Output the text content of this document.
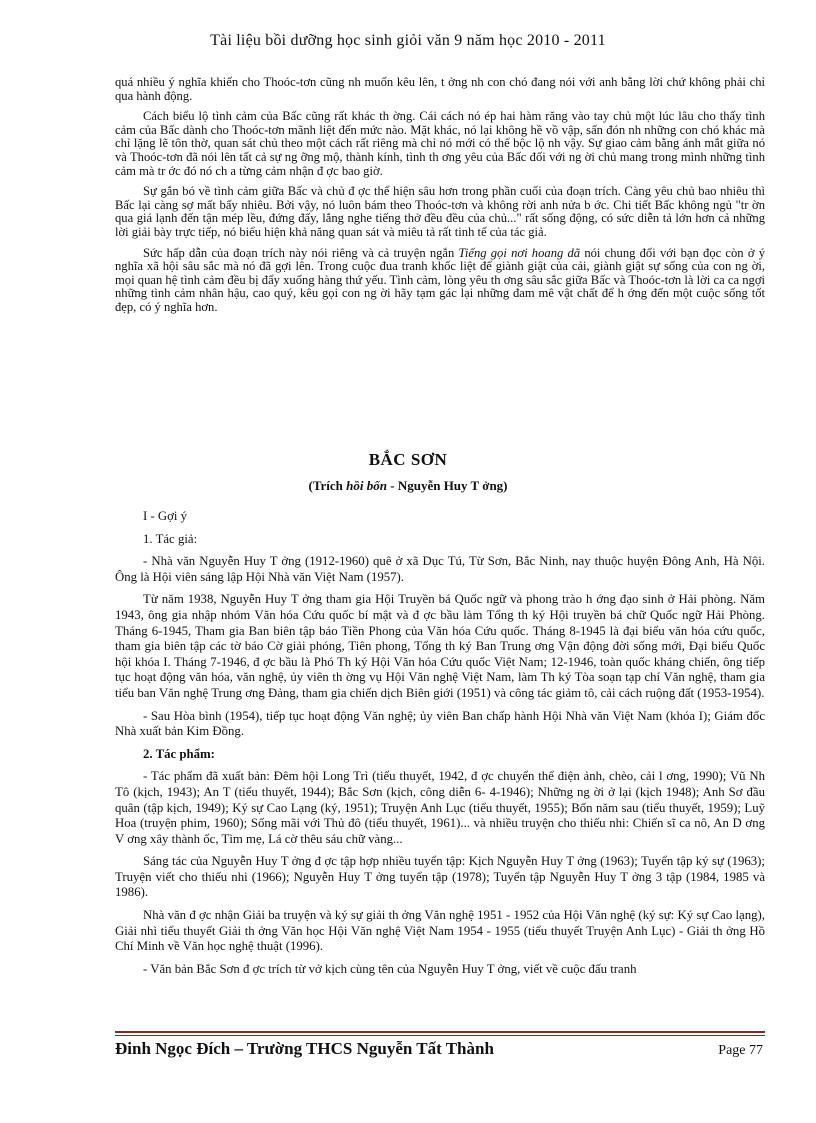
Tài liệu bồi dưỡng học sinh giỏi văn 9 năm học 2010 - 2011

quá nhiều ý nghĩa khiến cho Thoóc-tơn cũng nh muốn kêu lên, t ởng nh con chó đang nói với anh bằng lời chứ không phải chỉ qua hành động.

Cách biểu lộ tình cảm của Bấc cũng rất khác th ờng. Cái cách nó ép hai hàm răng vào tay chủ một lúc lâu cho thấy tình cảm của Bấc dành cho Thoóc-tơn mãnh liệt đến mức nào. Mặt khác, nó lại không hề vồ vập, sấn đón nh những con chó khác mà chỉ lặng lẽ tôn thờ, quan sát chủ theo một cách rất riêng mà chỉ nó mới có thể bộc lộ nh vậy. Sự giao cảm bằng ánh mắt giữa nó và Thoóc-tơn đã nói lên tất cả sự ng ỡng mộ, thành kính, tình th ơng yêu của Bấc đối với ng ời chủ mang trong mình những tình cảm mà tr ớc đó nó ch a từng cảm nhận đ ợc bao giờ.

Sự gắn bó về tình cảm giữa Bấc và chủ đ ợc thể hiện sâu hơn trong phần cuối của đoạn trích. Càng yêu chủ bao nhiêu thì Bấc lại càng sợ mất bấy nhiêu. Bởi vậy, nó luôn bám theo Thoóc-tơn và không rời anh nửa b ớc. Chi tiết Bấc không ngủ "tr ờn qua giá lạnh đến tận mép lều, đứng đấy, lắng nghe tiếng thở đều đều của chủ..." rất sống động, có sức diễn tả lớn hơn cả những lời giải bày trực tiếp, nó biểu hiện khả năng quan sát và miêu tả rất tinh tế của tác giả.

Sức hấp dẫn của đoạn trích này nói riêng và cả truyện ngắn Tiếng gọi nơi hoang dã nói chung đối với bạn đọc còn ở ý nghĩa xã hội sâu sắc mà nó đã gợi lên. Trong cuộc đua tranh khốc liệt để giành giật của cải, giành giật sự sống của con ng ời, mọi quan hệ tình cảm đều bị đẩy xuống hàng thứ yếu. Tình cảm, lòng yêu th ơng sâu sắc giữa Bấc và Thoóc-tơn là lời ca ca ngợi những tình cảm nhân hậu, cao quý, kêu gọi con ng ời hãy tạm gác lại những đam mê vật chất để h ớng đến một cuộc sống tốt đẹp, có ý nghĩa hơn.

BẮC SƠN
(Trích hồi bốn - Nguyễn Huy T ởng)

I - Gợi ý

1. Tác giả:

- Nhà văn Nguyễn Huy T ởng (1912-1960) quê ở xã Dục Tú, Từ Sơn, Bắc Ninh, nay thuộc huyện Đông Anh, Hà Nội. Ông là Hội viên sáng lập Hội Nhà văn Việt Nam (1957).

Từ năm 1938, Nguyễn Huy T ởng tham gia Hội Truyền bá Quốc ngữ và phong trào h ớng đạo sinh ở Hải phòng. Năm 1943, ông gia nhập nhóm Văn hóa Cứu quốc bí mật và đ ợc bầu làm Tổng th ký Hội truyền bá chữ Quốc ngữ Hải Phòng. Tháng 6-1945, Tham gia Ban biên tập báo Tiền Phong của Văn hóa Cứu quốc. Tháng 8-1945 là đại biểu văn hóa cứu quốc, tham gia biên tập các tờ báo Cờ giải phóng, Tiên phong, Tổng th ký Ban Trung ơng Vận động đời sống mới, Đại biểu Quốc hội khóa I. Tháng 7-1946, đ ợc bầu là Phó Th ký Hội Văn hóa Cứu quốc Việt Nam; 12-1946, toàn quốc kháng chiến, ông tiếp tục hoạt động văn hóa, văn nghệ, ủy viên th ờng vụ Hội Văn nghệ Việt Nam, làm Th ký Tòa soạn tạp chí Văn nghệ, tham gia tiểu ban Văn nghệ Trung ơng Đảng, tham gia chiến dịch Biên giới (1951) và công tác giảm tô, cải cách ruộng đất (1953-1954).

- Sau Hòa bình (1954), tiếp tục hoạt động Văn nghệ; ủy viên Ban chấp hành Hội Nhà văn Việt Nam (khóa I); Giám đốc Nhà xuất bản Kim Đồng.

2. Tác phẩm:

- Tác phẩm đã xuất bản: Đêm hội Long Trì (tiểu thuyết, 1942, đ ợc chuyển thể điện ảnh, chèo, cải l ơng, 1990); Vũ Nh Tô (kịch, 1943); An T (tiểu thuyết, 1944); Bắc Sơn (kịch, công diễn 6- 4-1946); Những ng ời ở lại (kịch 1948); Anh Sơ đầu quân (tập kịch, 1949); Ký sự Cao Lạng (ký, 1951); Truyện Anh Lục (tiểu thuyết, 1955); Bốn năm sau (tiểu thuyết, 1959); Luỹ Hoa (truyện phim, 1960); Sống mãi với Thủ đô (tiểu thuyết, 1961)... và nhiều truyện cho thiếu nhi: Chiến sĩ ca nô, An D ơng V ơng xây thành ốc, Tìm mẹ, Lá cờ thêu sáu chữ vàng...

Sáng tác của Nguyễn Huy T ởng đ ợc tập hợp nhiều tuyển tập: Kịch Nguyễn Huy T ởng (1963); Tuyển tập ký sự (1963); Truyện viết cho thiếu nhi (1966); Nguyễn Huy T ởng tuyển tập (1978); Tuyển tập Nguyễn Huy T ởng 3 tập (1984, 1985 và 1986).

Nhà văn đ ợc nhận Giải ba truyện và ký sự giải th ởng Văn nghệ 1951 - 1952 của Hội Văn nghệ (ký sự: Ký sự Cao lạng), Giải nhì tiểu thuyết Giải th ởng Văn học Hội Văn nghệ Việt Nam 1954 - 1955 (tiểu thuyết Truyện Anh Lục) - Giải th ởng Hồ Chí Minh về Văn học nghệ thuật (1996).

- Văn bản Bắc Sơn đ ợc trích từ vở kịch cùng tên của Nguyễn Huy T ởng, viết về cuộc đấu tranh

Đinh Ngọc Đích – Trường THCS Nguyễn Tất Thành	Page 77
